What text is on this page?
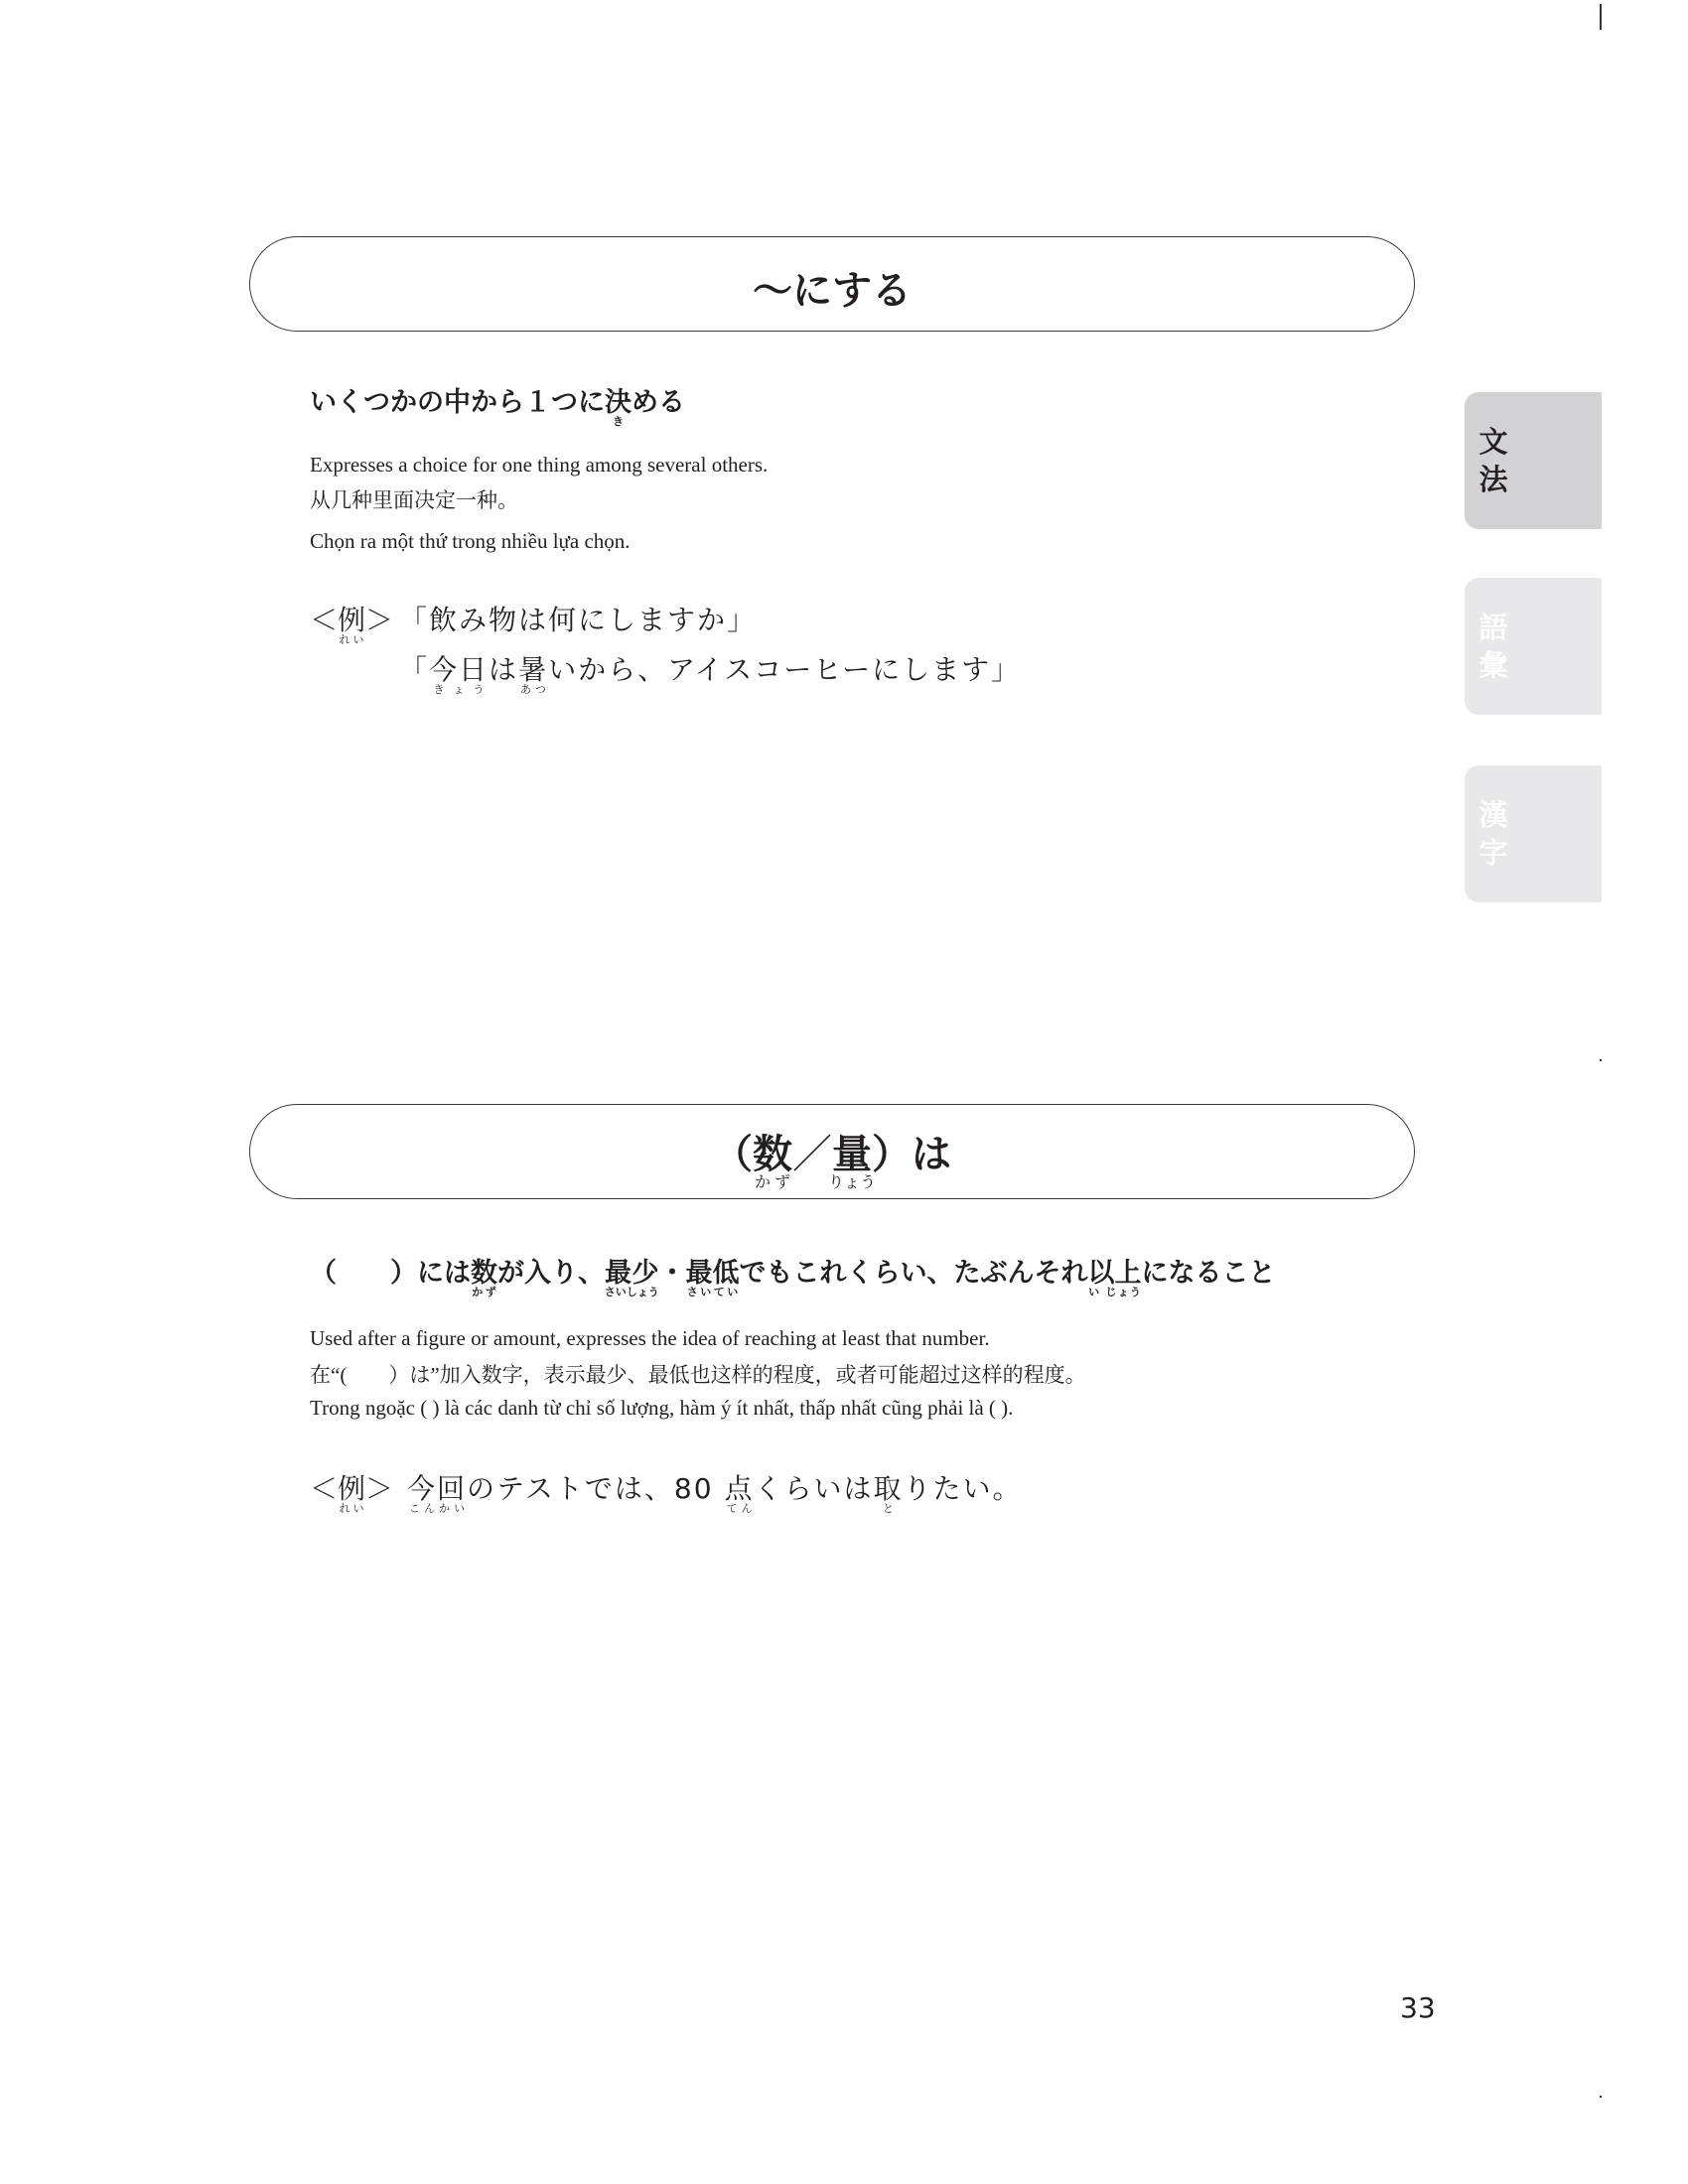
文
法
語
彙
漢
字
〜にする
いくつかの中から１つに決きめる
Expresses a choice for one thing among several others.
从几种里面决定一种。
Chọn ra một thứ trong nhiều lựa chọn.
＜例れい＞ 「飲み物は何にしますか」
「今日きょうは暑あついから、アイスコーヒーにします」
（数かず／量りょう）は
（　　）には数かずが入り、最少さいしょう・最低さいていでもこれくらい、たぶんそれ以上い じょうになること
Used after a figure or amount, expresses the idea of reaching at least that number.
在“(　　）は”加入数字，表示最少、最低也这样的程度，或者可能超过这样的程度。
Trong ngoặc ( ) là các danh từ chỉ số lượng, hàm ý ít nhất, thấp nhất cũng phải là ( ).
＜例れい＞ 今回こんかいのテストでは、80 点てんくらいは取とりたい。
33
